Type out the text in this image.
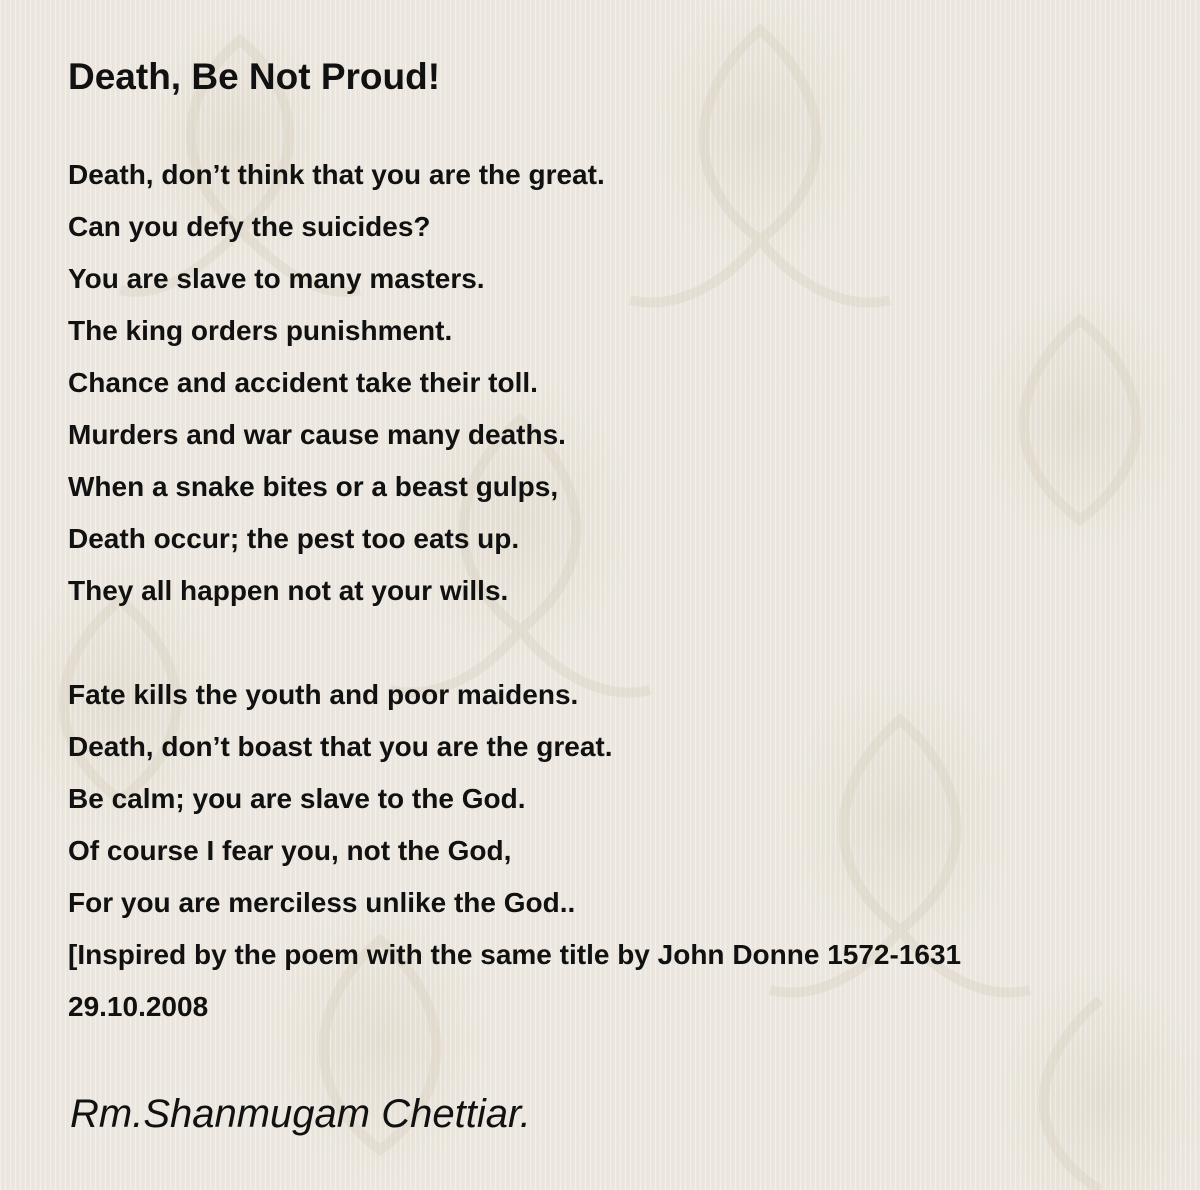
Death, Be Not Proud!
Death, don’t think that you are the great.
Can you defy the suicides?
You are slave to many masters.
The king orders punishment.
Chance and accident take their toll.
Murders and war cause many deaths.
When a snake bites or a beast gulps,
Death occur; the pest too eats up.
They all happen not at your wills.
Fate kills the youth and poor maidens.
Death, don’t boast that you are the great.
Be calm; you are slave to the God.
Of course I fear you, not the God,
For you are merciless unlike the God..
[Inspired by the poem with the same title by John Donne 1572-1631
29.10.2008
Rm.Shanmugam Chettiar.
